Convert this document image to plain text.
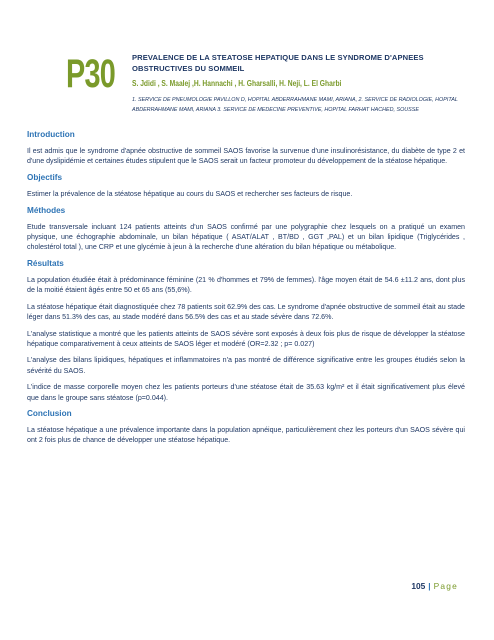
P30 PREVALENCE DE LA STEATOSE HEPATIQUE DANS LE SYNDROME D'APNEES OBSTRUCTIVES DU SOMMEIL
S. Jdidi , S. Maalej ,H. Hannachi , H. Gharsalli, H. Neji, L. El Gharbi
1. SERVICE DE PNEUMOLOGIE PAVILLON D, HOPITAL ABDERRAHMANE MAMI, ARIANA, 2. SERVICE DE RADIOLOGIE, HOPITAL ABDERRAHMANE MAMI, ARIANA 3. SERVICE DE MEDECINE PREVENTIVE, HOPITAL FARHAT HACHED, SOUSSE
Introduction

Il est admis que le syndrome d'apnée obstructive de sommeil SAOS favorise la survenue d'une insulinorésistance, du diabète de type 2 et d'une dyslipidémie et certaines études stipulent que le SAOS serait un facteur promoteur du développement de la stéatose hépatique.

Objectifs

Estimer la prévalence de la stéatose hépatique au cours du SAOS et rechercher ses facteurs de risque.

Méthodes

Etude transversale incluant 124 patients atteints d'un SAOS confirmé par une polygraphie chez lesquels on a pratiqué un examen physique, une échographie abdominale, un bilan hépatique ( ASAT/ALAT , BT/BD , GGT ,PAL) et un bilan lipidique (Triglycérides , cholestérol total ), une CRP et une glycémie à jeun à la recherche d'une altération du bilan hépatique ou métabolique.

Résultats

La population étudiée était à prédominance féminine (21 % d'hommes et 79% de femmes). l'âge moyen était de 54.6 ±11.2 ans, dont plus de la moitié étaient âgés entre 50 et 65 ans (55,6%).

La stéatose hépatique était diagnostiquée chez 78 patients soit 62.9% des cas. Le syndrome d'apnée obstructive de sommeil était au stade léger dans 51.3% des cas, au stade modéré dans 56.5% des cas et au stade sévère dans 72.6%.

L'analyse statistique a montré que les patients atteints de SAOS sévère sont exposés à deux fois plus de risque de développer la stéatose hépatique comparativement à ceux atteints de SAOS léger et modéré (OR=2.32 ; p= 0.027)

L'analyse des bilans lipidiques, hépatiques et inflammatoires n'a pas montré de différence significative entre les groupes étudiés selon la sévérité du SAOS.

L'indice de masse corporelle moyen chez les patients porteurs d'une stéatose était de 35.63 kg/m² et il était significativement plus élevé que dans le groupe sans stéatose (p=0.044).

Conclusion

La stéatose hépatique a une prévalence importante dans la population apnéique, particulièrement chez les porteurs d'un SAOS sévère qui ont 2 fois plus de chance de développer une stéatose hépatique.

105 | Page
